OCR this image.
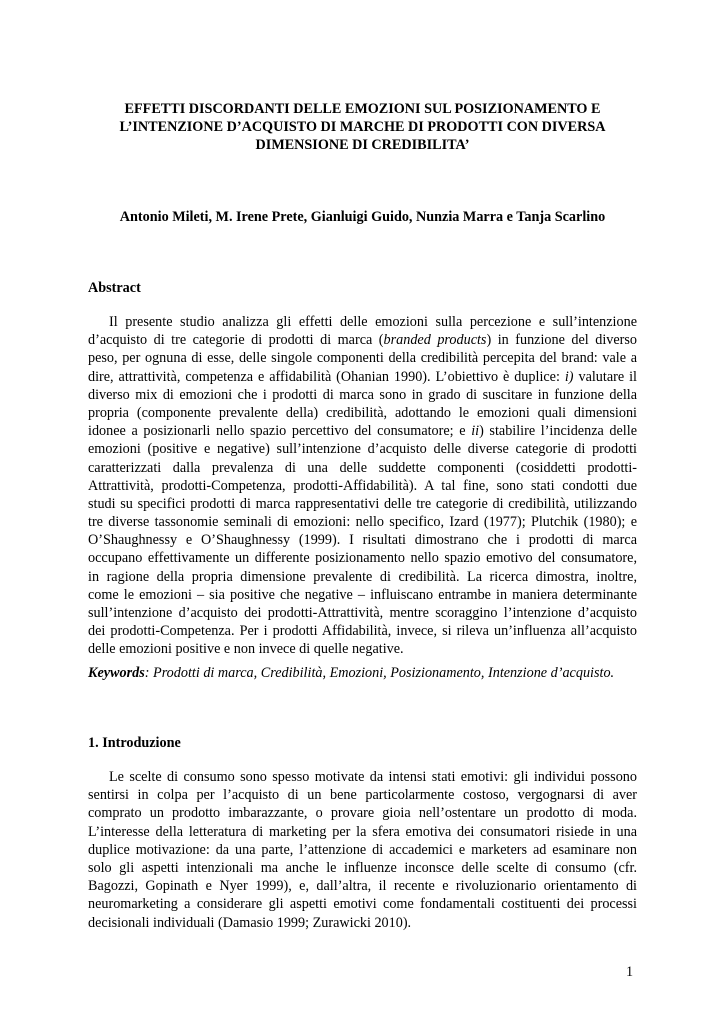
EFFETTI DISCORDANTI DELLE EMOZIONI SUL POSIZIONAMENTO E
L’INTENZIONE D’ACQUISTO DI MARCHE DI PRODOTTI CON DIVERSA
DIMENSIONE DI CREDIBILITA’
Antonio Mileti, M. Irene Prete, Gianluigi Guido, Nunzia Marra e Tanja Scarlino
Abstract
Il presente studio analizza gli effetti delle emozioni sulla percezione e sull’intenzione
d’acquisto di tre categorie di prodotti di marca (branded products) in funzione del diverso
peso, per ognuna di esse, delle singole componenti della credibilità percepita del brand: vale a
dire, attrattività, competenza e affidabilità (Ohanian 1990). L’obiettivo è duplice: i) valutare il
diverso mix di emozioni che i prodotti di marca sono in grado di suscitare in funzione della
propria (componente prevalente della) credibilità, adottando le emozioni quali dimensioni
idonee a posizionarli nello spazio percettivo del consumatore; e ii) stabilire l’incidenza delle
emozioni (positive e negative) sull’intenzione d’acquisto delle diverse categorie di prodotti
caratterizzati dalla prevalenza di una delle suddette componenti (cosiddetti prodotti-
Attrattività, prodotti-Competenza, prodotti-Affidabilità). A tal fine, sono stati condotti due
studi su specifici prodotti di marca rappresentativi delle tre categorie di credibilità, utilizzando
tre diverse tassonomie seminali di emozioni: nello specifico, Izard (1977); Plutchik (1980); e
O’Shaughnessy e O’Shaughnessy (1999). I risultati dimostrano che i prodotti di marca
occupano effettivamente un differente posizionamento nello spazio emotivo del consumatore,
in ragione della propria dimensione prevalente di credibilità. La ricerca dimostra, inoltre,
come le emozioni – sia positive che negative – influiscano entrambe in maniera determinante
sull’intenzione d’acquisto dei prodotti-Attrattività, mentre scoraggino l’intenzione d’acquisto
dei prodotti-Competenza. Per i prodotti Affidabilità, invece, si rileva un’influenza all’acquisto
delle emozioni positive e non invece di quelle negative.
Keywords: Prodotti di marca, Credibilità, Emozioni, Posizionamento, Intenzione d’acquisto.
1. Introduzione
Le scelte di consumo sono spesso motivate da intensi stati emotivi: gli individui possono
sentirsi in colpa per l’acquisto di un bene particolarmente costoso, vergognarsi di aver
comprato un prodotto imbarazzante, o provare gioia nell’ostentare un prodotto di moda.
L’interesse della letteratura di marketing per la sfera emotiva dei consumatori risiede in una
duplice motivazione: da una parte, l’attenzione di accademici e marketers ad esaminare non
solo gli aspetti intenzionali ma anche le influenze inconsce delle scelte di consumo (cfr.
Bagozzi, Gopinath e Nyer 1999), e, dall’altra, il recente e rivoluzionario orientamento di
neuromarketing a considerare gli aspetti emotivi come fondamentali costituenti dei processi
decisionali individuali (Damasio 1999; Zurawicki 2010).
1
